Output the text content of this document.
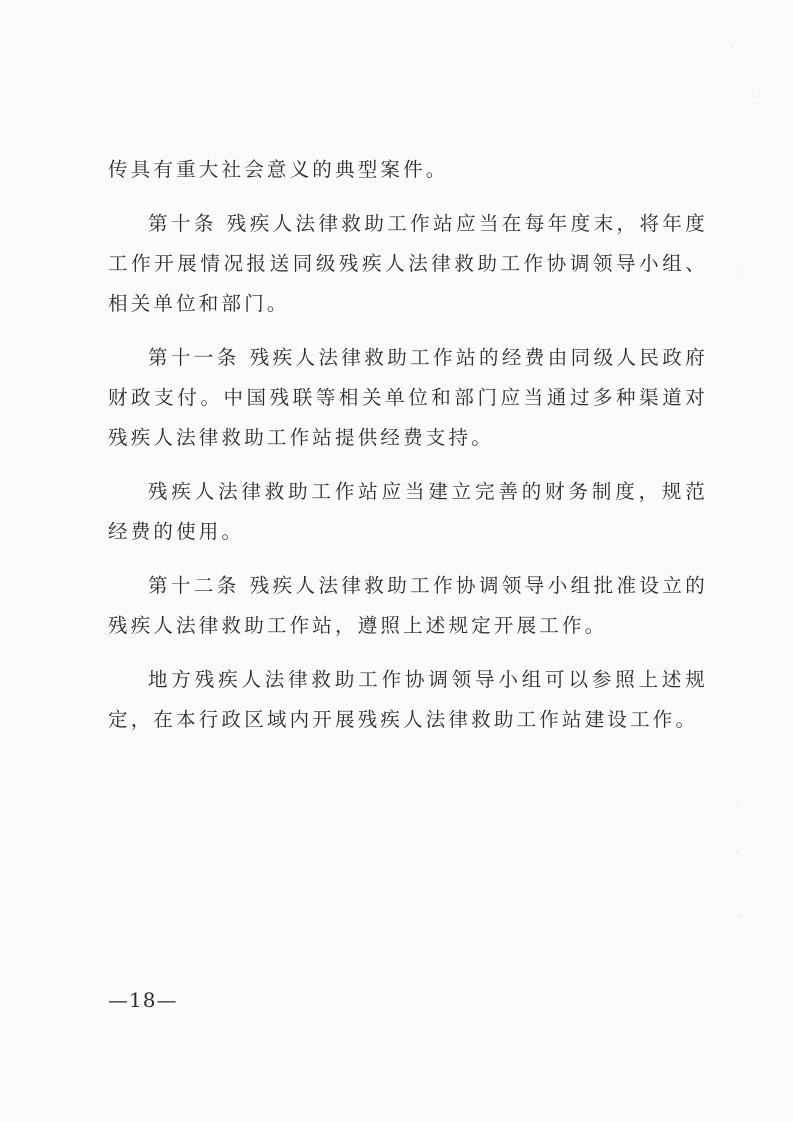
传具有重大社会意义的典型案件。

第十条 残疾人法律救助工作站应当在每年度末，将年度工作开展情况报送同级残疾人法律救助工作协调领导小组、相关单位和部门。

第十一条 残疾人法律救助工作站的经费由同级人民政府财政支付。中国残联等相关单位和部门应当通过多种渠道对残疾人法律救助工作站提供经费支持。

残疾人法律救助工作站应当建立完善的财务制度，规范经费的使用。

第十二条 残疾人法律救助工作协调领导小组批准设立的残疾人法律救助工作站，遵照上述规定开展工作。

地方残疾人法律救助工作协调领导小组可以参照上述规定，在本行政区域内开展残疾人法律救助工作站建设工作。

—18—
·
·
·
·
·
·
